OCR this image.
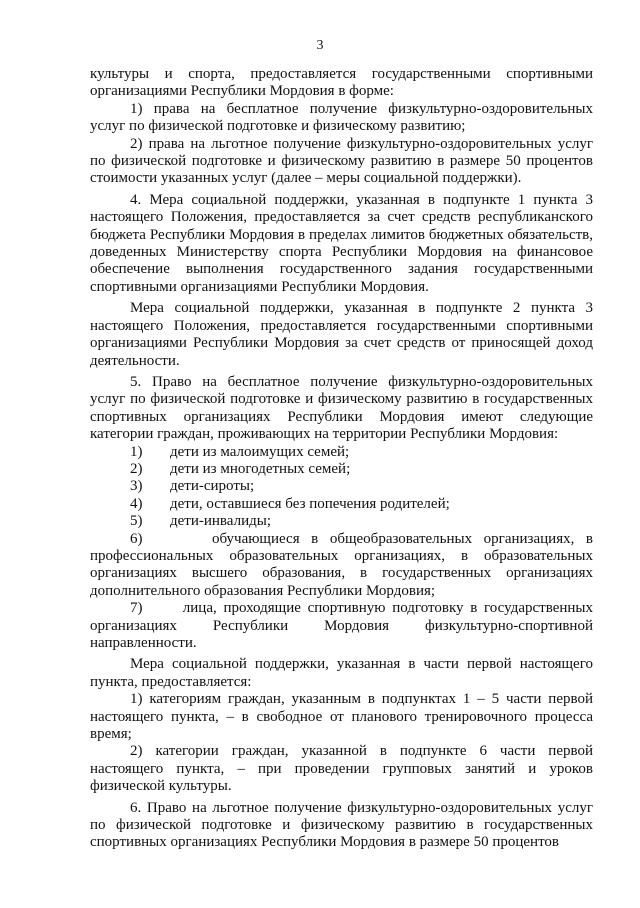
3

культуры и спорта, предоставляется государственными спортивными организациями Республики Мордовия в форме:

1) права на бесплатное получение физкультурно-оздоровительных услуг по физической подготовке и физическому развитию;

2) права на льготное получение физкультурно-оздоровительных услуг по физической подготовке и физическому развитию в размере 50 процентов стоимости указанных услуг (далее – меры социальной поддержки).

4. Мера социальной поддержки, указанная в подпункте 1 пункта 3 настоящего Положения, предоставляется за счет средств республиканского бюджета Республики Мордовия в пределах лимитов бюджетных обязательств, доведенных Министерству спорта Республики Мордовия на финансовое обеспечение выполнения государственного задания государственными спортивными организациями Республики Мордовия.

Мера социальной поддержки, указанная в подпункте 2 пункта 3 настоящего Положения, предоставляется государственными спортивными организациями Республики Мордовия за счет средств от приносящей доход деятельности.

5. Право на бесплатное получение физкультурно-оздоровительных услуг по физической подготовке и физическому развитию в государственных спортивных организациях Республики Мордовия имеют следующие категории граждан, проживающих на территории Республики Мордовия:

1)	дети из малоимущих семей;
2)	дети из многодетных семей;
3)	дети-сироты;
4)	дети, оставшиеся без попечения родителей;
5)	дети-инвалиды;

6)	обучающиеся в общеобразовательных организациях, в профессиональных образовательных организациях, в образовательных организациях высшего образования, в государственных организациях дополнительного образования Республики Мордовия;

7)	лица, проходящие спортивную подготовку в государственных организациях Республики Мордовия физкультурно-спортивной направленности.

Мера социальной поддержки, указанная в части первой настоящего пункта, предоставляется:

1) категориям граждан, указанным в подпунктах 1 – 5 части первой настоящего пункта, – в свободное от планового тренировочного процесса время;

2) категории граждан, указанной в подпункте 6 части первой настоящего пункта, – при проведении групповых занятий и уроков физической культуры.

6. Право на льготное получение физкультурно-оздоровительных услуг по физической подготовке и физическому развитию в государственных спортивных организациях Республики Мордовия в размере 50 процентов
